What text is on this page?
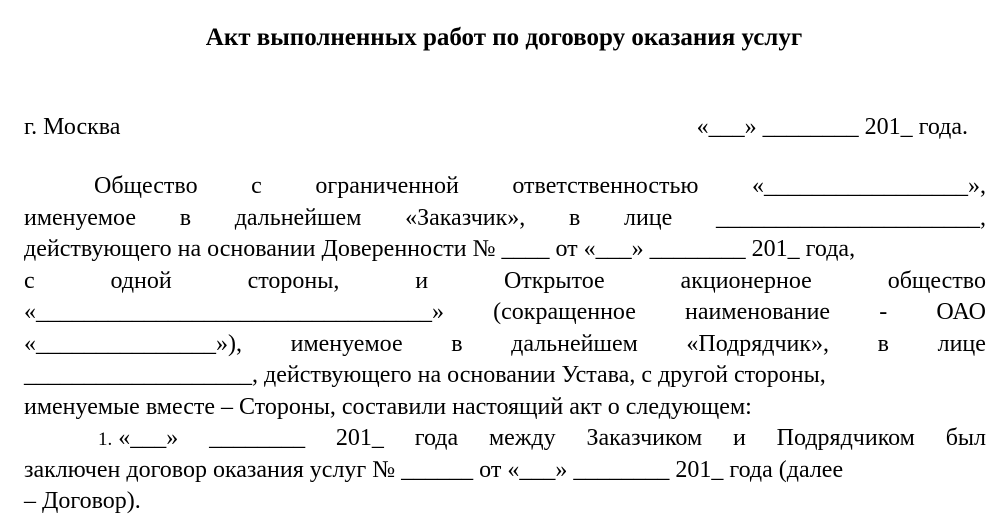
Акт выполненных работ по договору оказания услуг
г. Москва	«___» ________ 201_ года.
Общество с ограниченной ответственностью «_________________»,
именуемое в дальнейшем «Заказчик», в лице ______________________,
действующего на основании Доверенности № ____ от «___» ________ 201_ года,
с	одной	стороны,	и	Открытое	акционерное	общество
«_________________________________» (сокращенное наименование - ОАО
«_______________»), именуемое в дальнейшем «Подрядчик», в лице
___________________, действующего на основании Устава, с другой стороны,
именуемые вместе – Стороны, составили настоящий акт о следующем:
1. «___» ________ 201_ года между Заказчиком и Подрядчиком был
заключен договор оказания услуг № ______ от «___» ________ 201_ года (далее
– Договор).
